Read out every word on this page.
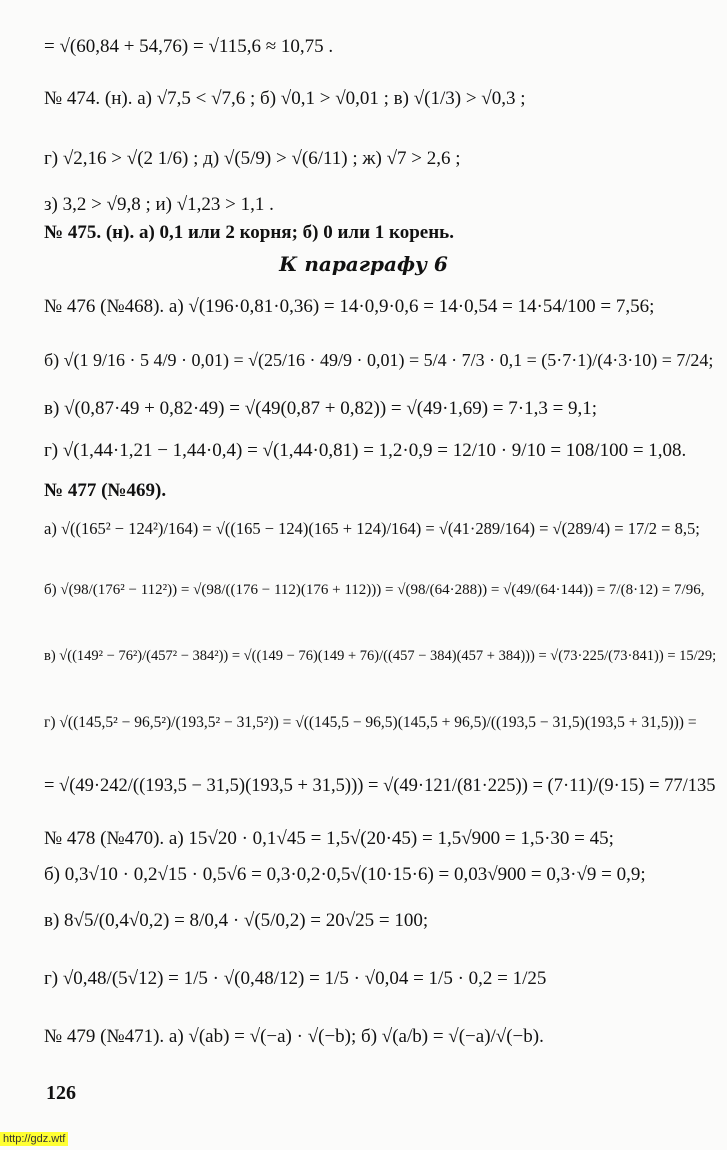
= √(60,84 + 54,76) = √115,6 ≈ 10,75 .
№ 474. (н). а) √7,5 < √7,6 ; б) √0,1 > √0,01 ; в) √(1/3) > √0,3 ;
г) √2,16 > √(2 1/6) ; д) √(5/9) > √(6/11) ; ж) √7 > 2,6 ;
з) 3,2 > √9,8 ; и) √1,23 > 1,1 .
№ 475. (н). а) 0,1 или 2 корня; б) 0 или 1 корень.
К параграфу 6
№ 476 (№468). а) √(196·0,81·0,36) = 14·0,9·0,6 = 14·0,54 = 14·54/100 = 7,56;
б) √(1 9/16 · 5 4/9 · 0,01) = √(25/16 · 49/9 · 0,01) = 5/4 · 7/3 · 0,1 = (5·7·1)/(4·3·10) = 7/24;
в) √(0,87·49 + 0,82·49) = √(49(0,87 + 0,82)) = √(49·1,69) = 7·1,3 = 9,1;
г) √(1,44·1,21 − 1,44·0,4) = √(1,44·0,81) = 1,2·0,9 = 12/10 · 9/10 = 108/100 = 1,08.
№ 477 (№469).
а) √((165² − 124²)/164) = √((165 − 124)(165 + 124)/164) = √(41·289/164) = √(289/4) = 17/2 = 8,5;
б) √(98/(176² − 112²)) = √(98/((176 − 112)(176 + 112))) = √(98/(64·288)) = √(49/(64·144)) = 7/(8·12) = 7/96,
в) √((149² − 76²)/(457² − 384²)) = √((149 − 76)(149 + 76)/((457 − 384)(457 + 384))) = √(73·225/(73·841)) = 15/29;
г) √((145,5² − 96,5²)/(193,5² − 31,5²)) = √((145,5 − 96,5)(145,5 + 96,5)/((193,5 − 31,5)(193,5 + 31,5))) =
= √(49·242/((193,5 − 31,5)(193,5 + 31,5))) = √(49·121/(81·225)) = (7·11)/(9·15) = 77/135
№ 478 (№470). а) 15√20 · 0,1√45 = 1,5√(20·45) = 1,5√900 = 1,5·30 = 45;
б) 0,3√10 · 0,2√15 · 0,5√6 = 0,3·0,2·0,5√(10·15·6) = 0,03√900 = 0,3·√9 = 0,9;
в) 8√5/(0,4√0,2) = 8/0,4 · √(5/0,2) = 20√25 = 100;
г) √0,48/(5√12) = 1/5 · √(0,48/12) = 1/5 · √0,04 = 1/5 · 0,2 = 1/25
№ 479 (№471). а) √(ab) = √(−a) · √(−b); б) √(a/b) = √(−a)/√(−b).
126
http://gdz.wtf
